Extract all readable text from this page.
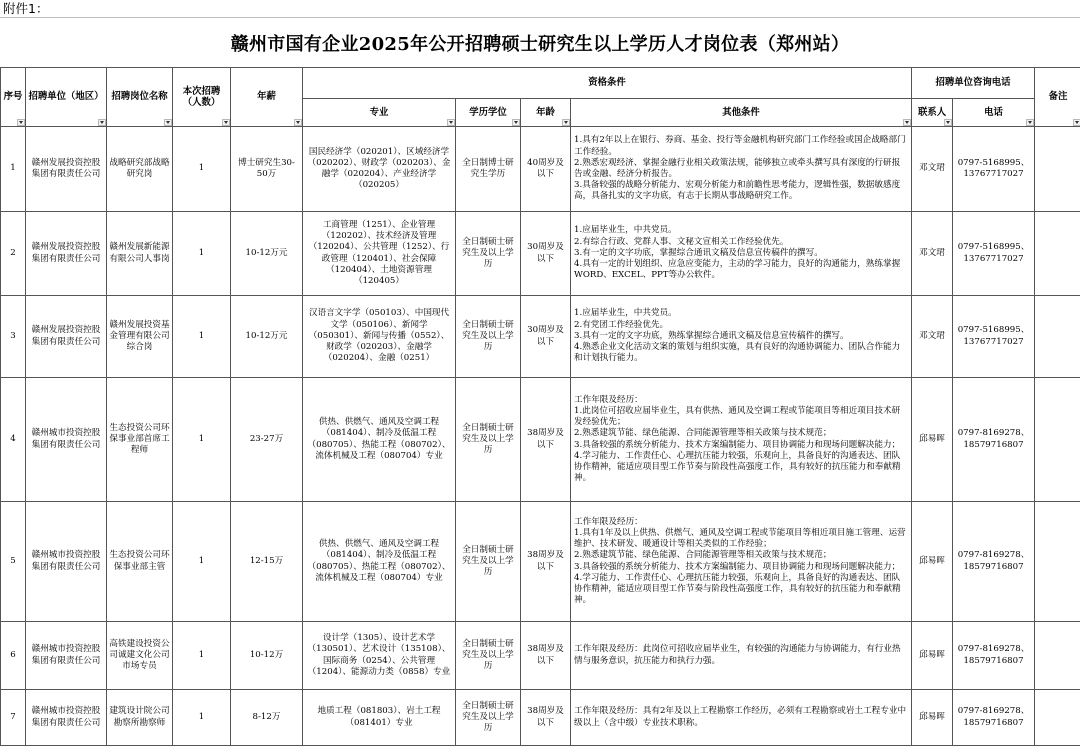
附件1：
赣州市国有企业2025年公开招聘硕士研究生以上学历人才岗位表（郑州站）
序号	招聘单位（地区）	招聘岗位名称	本次招聘（人数）	年薪	资格条件				招聘单位咨询电话		备注

					专业	学历学位	年龄	其他条件	联系人	电话	

1	赣州发展投资控股集团有限责任公司	战略研究部战略研究岗	1	博士研究生30-50万	国民经济学（020201）、区域经济学（020202）、财政学（020203）、金融学（020204）、产业经济学（020205）	全日制博士研究生学历	40周岁及以下	1.具有2年以上在银行、券商、基金、投行等金融机构研究部门工作经验或国企战略部门工作经验。
2.熟悉宏观经济、掌握金融行业相关政策法规，能够独立或牵头撰写具有深度的行研报告或金融、经济分析报告。
3.具备较强的战略分析能力、宏观分析能力和前瞻性思考能力，逻辑性强，数据敏感度高，具备扎实的文字功底，有志于长期从事战略研究工作。	邓文珺	0797-5168995、13767717027	
2	赣州发展投资控股集团有限责任公司	赣州发展新能源有限公司人事岗	1	10-12万元	工商管理（1251）、企业管理（120202）、技术经济及管理（120204）、公共管理（1252）、行政管理（120401）、社会保障（120404）、土地资源管理（120405）	全日制硕士研究生及以上学历	30周岁及以下	1.应届毕业生，中共党员。
2.有综合行政、党群人事、文秘文宣相关工作经验优先。
3.有一定的文字功底，掌握综合通讯文稿及信息宣传稿件的撰写。
4.具有一定的计划组织、应急应变能力，主动的学习能力，良好的沟通能力，熟练掌握WORD、EXCEL、PPT等办公软件。	邓文珺	0797-5168995、13767717027	
3	赣州发展投资控股集团有限责任公司	赣州发展投资基金管理有限公司综合岗	1	10-12万元	汉语言文字学（050103）、中国现代文学（050106）、新闻学（050301）、新闻与传播（0552）、财政学（020203）、金融学（020204）、金融（0251）	全日制硕士研究生及以上学历	30周岁及以下	1.应届毕业生，中共党员。
2.有党团工作经验优先。
3.具有一定的文字功底，熟练掌握综合通讯文稿及信息宣传稿件的撰写。
4.熟悉企业文化活动文案的策划与组织实施，具有良好的沟通协调能力、团队合作能力和计划执行能力。	邓文珺	0797-5168995、13767717027	
4	赣州城市投资控股集团有限责任公司	生态投资公司环保事业部首席工程师	1	23-27万	供热、供燃气、通风及空调工程（081404）、制冷及低温工程（080705）、热能工程（080702）、流体机械及工程（080704）专业	全日制硕士研究生及以上学历	38周岁及以下	工作年限及经历：
1.此岗位可招收应届毕业生，具有供热、通风及空调工程或节能项目等相近项目技术研发经验优先；
2.熟悉建筑节能、绿色能源、合同能源管理等相关政策与技术规范；
3.具备较强的系统分析能力、技术方案编制能力、项目协调能力和现场问题解决能力；
4.学习能力、工作责任心、心理抗压能力较强，乐观向上，具备良好的沟通表达、团队协作精神，能适应项目型工作节奏与阶段性高强度工作，具有较好的抗压能力和奉献精神。	邱易晖	0797-8169278、18579716807	
5	赣州城市投资控股集团有限责任公司	生态投资公司环保事业部主管	1	12-15万	供热、供燃气、通风及空调工程（081404）、制冷及低温工程（080705）、热能工程（080702）、流体机械及工程（080704）专业	全日制硕士研究生及以上学历	38周岁及以下	工作年限及经历：
1.具有1年及以上供热、供燃气、通风及空调工程或节能项目等相近项目施工管理、运营维护、技术研发、暖通设计等相关类似的工作经验；
2.熟悉建筑节能、绿色能源、合同能源管理等相关政策与技术规范；
3.具备较强的系统分析能力、技术方案编制能力、项目协调能力和现场问题解决能力；
4.学习能力、工作责任心、心理抗压能力较强，乐观向上，具备良好的沟通表达、团队协作精神，能适应项目型工作节奏与阶段性高强度工作，具有较好的抗压能力和奉献精神。	邱易晖	0797-8169278、18579716807	
6	赣州城市投资控股集团有限责任公司	高铁建设投资公司诚建文化公司市场专员	1	10-12万	设计学（1305）、设计艺术学（130501）、艺术设计（135108）、国际商务（0254）、公共管理（1204）、能源动力类（0858）专业	全日制硕士研究生及以上学历	38周岁及以下	工作年限及经历：此岗位可招收应届毕业生，有较强的沟通能力与协调能力，有行业热情与服务意识，抗压能力和执行力强。	邱易晖	0797-8169278、18579716807	
7	赣州城市投资控股集团有限责任公司	建筑设计院公司勘察所勘察师	1	8-12万	地质工程（081803）、岩土工程（081401）专业	全日制硕士研究生及以上学历	38周岁及以下	工作年限及经历：具有2年及以上工程勘察工作经历，必须有工程勘察或岩土工程专业中级以上（含中级）专业技术职称。	邱易晖	0797-8169278、18579716807	
